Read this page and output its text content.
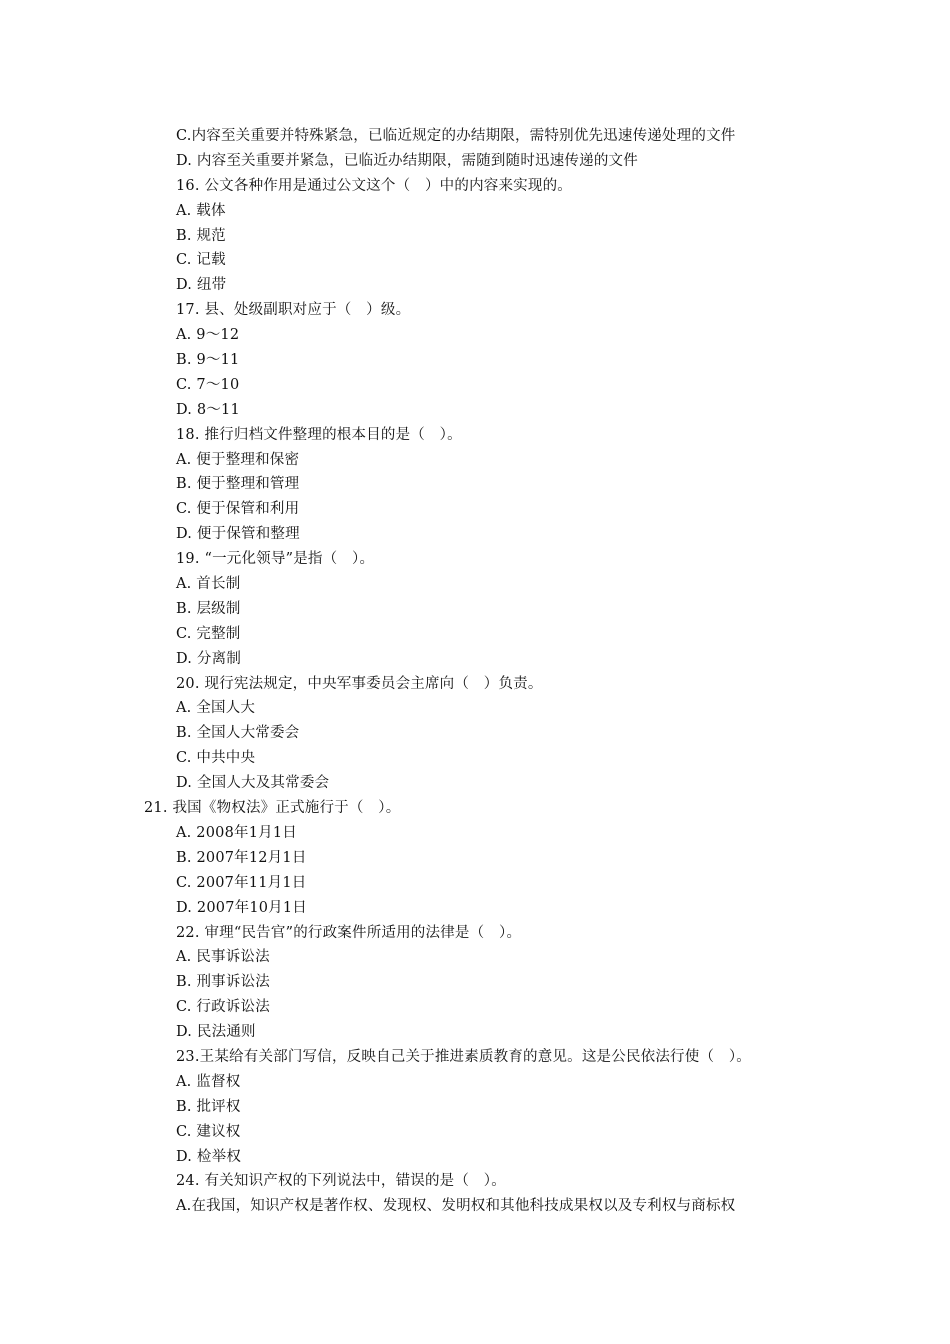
C.内容至关重要并特殊紧急，已临近规定的办结期限，需特别优先迅速传递处理的文件
D. 内容至关重要并紧急，已临近办结期限，需随到随时迅速传递的文件
16. 公文各种作用是通过公文这个（　）中的内容来实现的。
A. 载体
B. 规范
C. 记载
D. 纽带
17. 县、处级副职对应于（　）级。
A. 9～12
B. 9～11
C. 7～10
D. 8～11
18. 推行归档文件整理的根本目的是（　）。
A. 便于整理和保密
B. 便于整理和管理
C. 便于保管和利用
D. 便于保管和整理
19. “一元化领导”是指（　）。
A. 首长制
B. 层级制
C. 完整制
D. 分离制
20. 现行宪法规定，中央军事委员会主席向（　）负责。
A. 全国人大
B. 全国人大常委会
C. 中共中央
D. 全国人大及其常委会
21. 我国《物权法》正式施行于（　）。
A. 2008年1月1日
B. 2007年12月1日
C. 2007年11月1日
D. 2007年10月1日
22. 审理“民告官”的行政案件所适用的法律是（　）。
A. 民事诉讼法
B. 刑事诉讼法
C. 行政诉讼法
D. 民法通则
23.王某给有关部门写信，反映自己关于推进素质教育的意见。这是公民依法行使（　）。
A. 监督权
B. 批评权
C. 建议权
D. 检举权
24. 有关知识产权的下列说法中，错误的是（　）。
A.在我国，知识产权是著作权、发现权、发明权和其他科技成果权以及专利权与商标权
